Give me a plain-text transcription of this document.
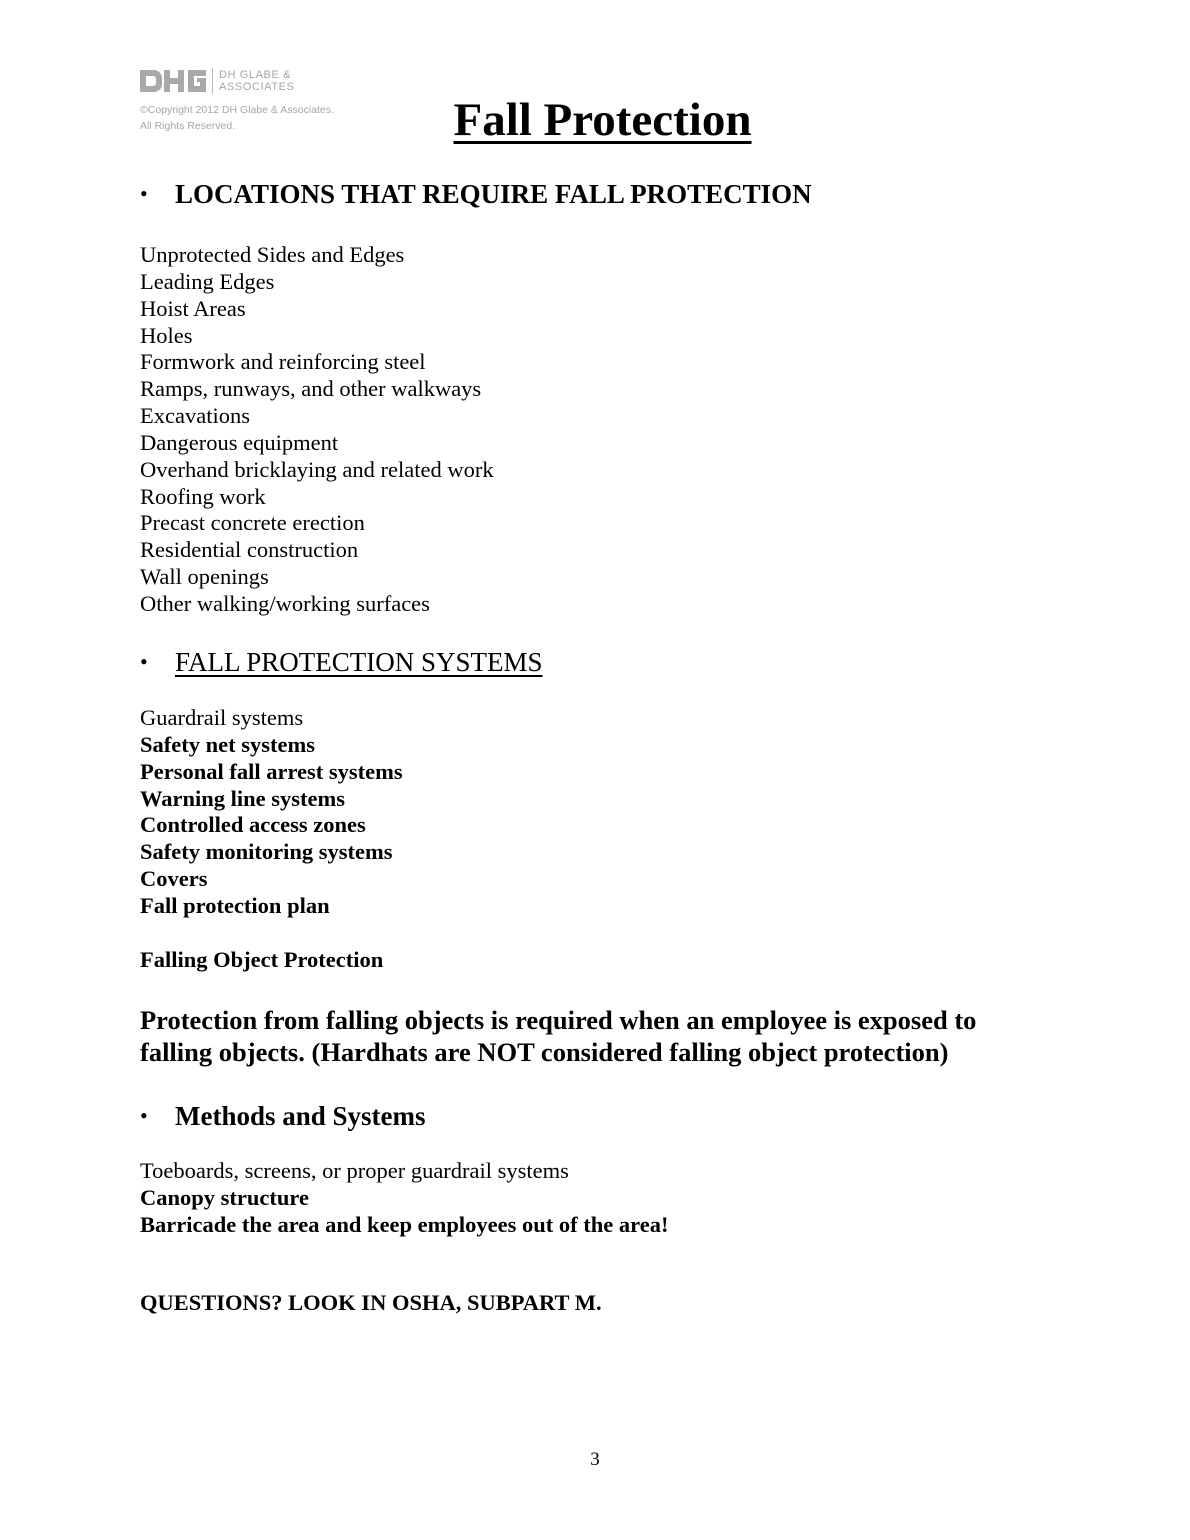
DH GLABE &
ASSOCIATES
©Copyright 2012 DH Glabe & Associates.
All Rights Reserved.	Fall Protection
•	LOCATIONS THAT REQUIRE FALL PROTECTION
Unprotected Sides and Edges
Leading Edges
Hoist Areas
Holes
Formwork and reinforcing steel
Ramps, runways, and other walkways
Excavations
Dangerous equipment
Overhand bricklaying and related work
Roofing work
Precast concrete erection
Residential construction
Wall openings
Other walking/working surfaces
•	FALL PROTECTION SYSTEMS
Guardrail systems
Safety net systems
Personal fall arrest systems
Warning line systems
Controlled access zones
Safety monitoring systems
Covers
Fall protection plan
Falling Object Protection
Protection from falling objects is required when an employee is exposed to
falling objects. (Hardhats are NOT considered falling object protection)
•	Methods and Systems
Toeboards, screens, or proper guardrail systems
Canopy structure
Barricade the area and keep employees out of the area!
QUESTIONS? LOOK IN OSHA, SUBPART M.
3
